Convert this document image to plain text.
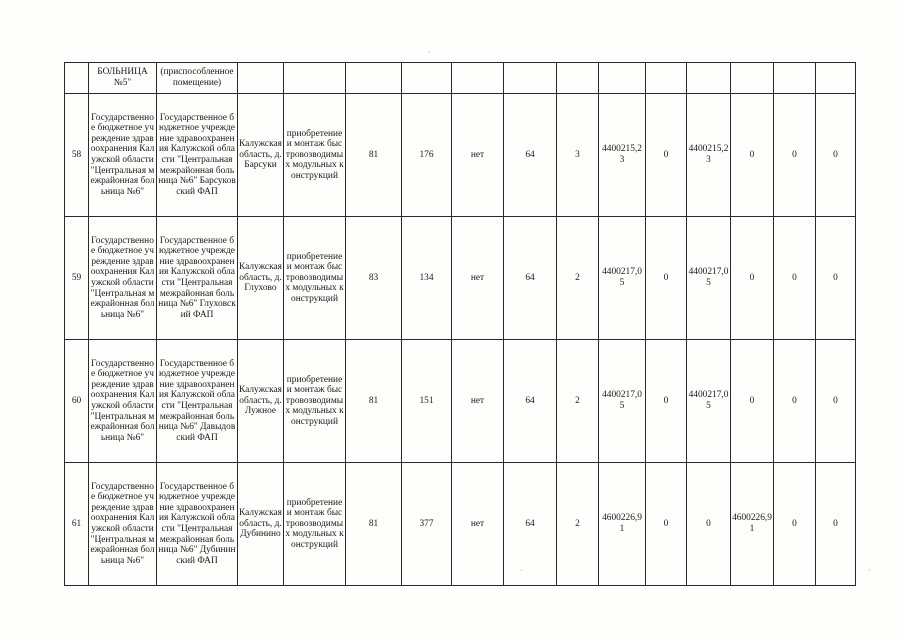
·
·
·
	БОЛЬНИЦА №5"	(приспособленное помещение)													
58	Государственное бюджетное учреждение здравоохранения Калужской области "Центральная межрайонная больница №6"	Государственное бюджетное учреждение здравоохранения Калужской области "Центральная межрайонная больница №6" Барсуковский ФАП	Калужская область, д. Барсуки	приобретение и монтаж быстровозводимых модульных конструкций	81	176	нет	64	3	4400215,23	0	4400215,23	0	0	0
59	Государственное бюджетное учреждение здравоохранения Калужской области "Центральная межрайонная больница №6"	Государственное бюджетное учреждение здравоохранения Калужской области "Центральная межрайонная больница №6" Глуховский ФАП	Калужская область, д. Глухово	приобретение и монтаж быстровозводимых модульных конструкций	83	134	нет	64	2	4400217,05	0	4400217,05	0	0	0
60	Государственное бюджетное учреждение здравоохранения Калужской области "Центральная межрайонная больница №6"	Государственное бюджетное учреждение здравоохранения Калужской области "Центральная межрайонная больница №6" Давыдовский ФАП	Калужская область, д. Лужное	приобретение и монтаж быстровозводимых модульных конструкций	81	151	нет	64	2	4400217,05	0	4400217,05	0	0	0
61	Государственное бюджетное учреждение здравоохранения Калужской области "Центральная межрайонная больница №6"	Государственное бюджетное учреждение здравоохранения Калужской области "Центральная межрайонная больница №6" Дубининский ФАП	Калужская область, д. Дубинино	приобретение и монтаж быстровозводимых модульных конструкций	81	377	нет	64	2	4600226,91	0	0	4600226,91	0	0
